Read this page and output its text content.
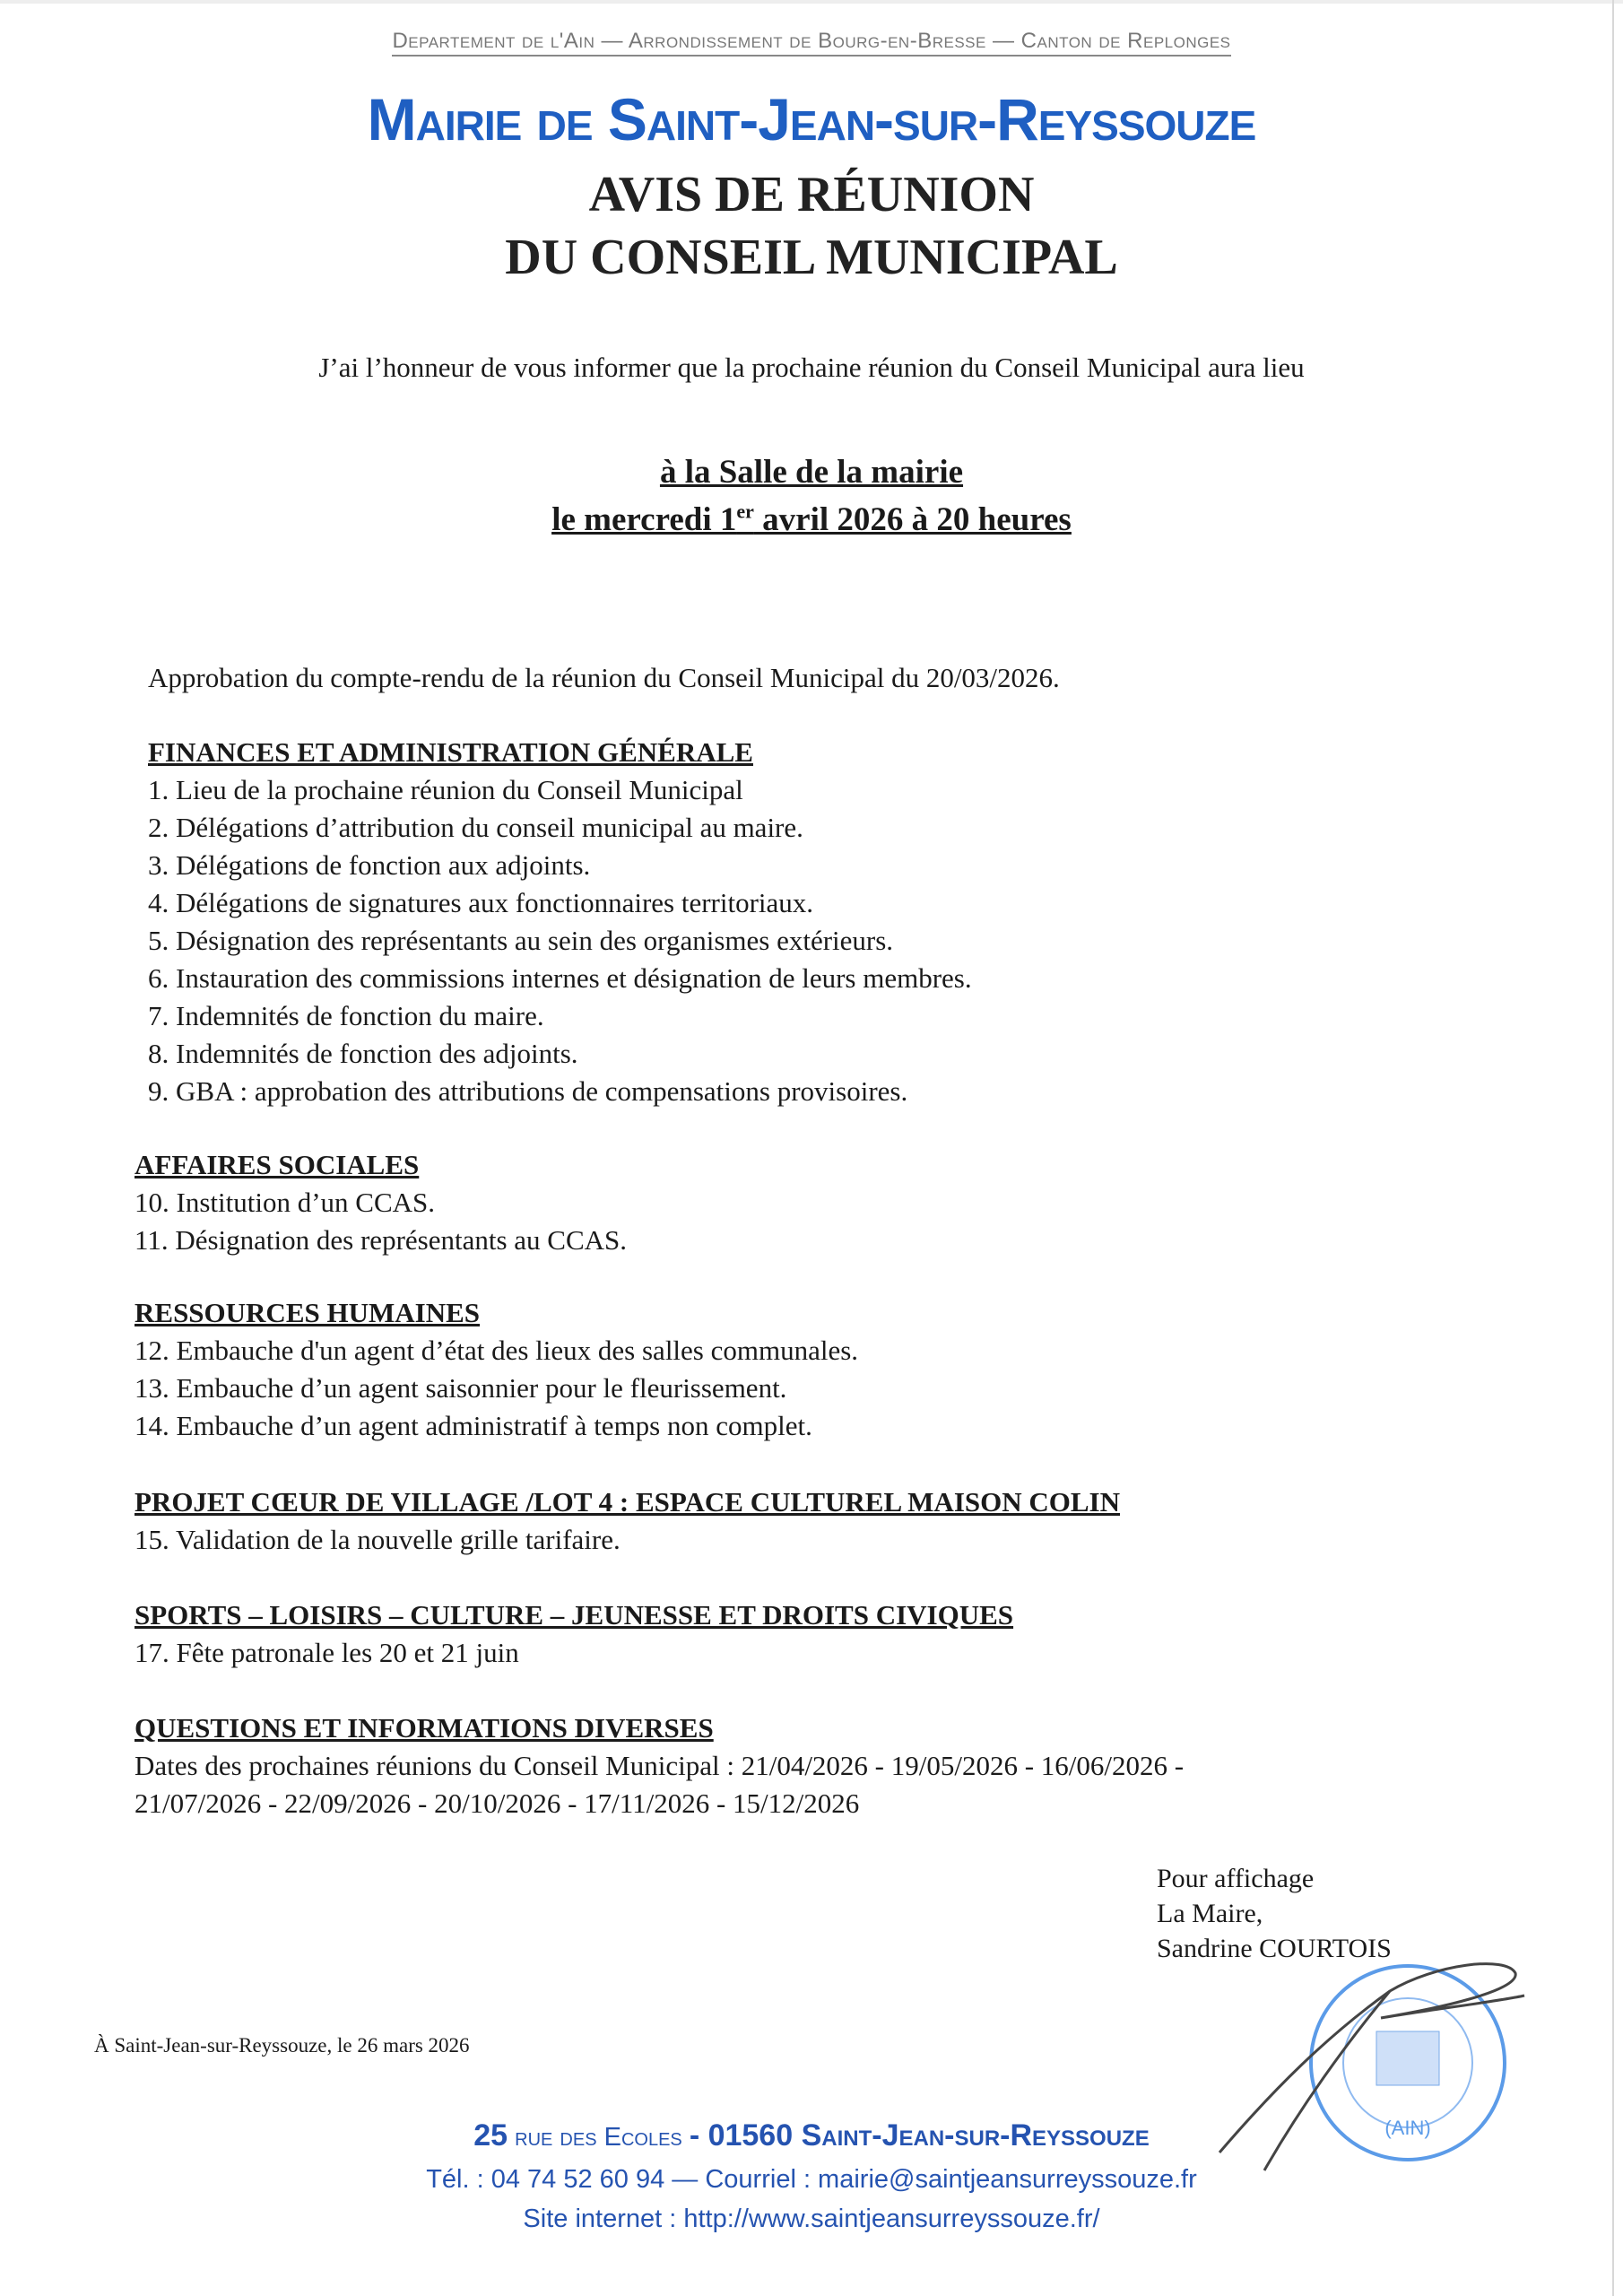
Departement de l'Ain — Arrondissement de Bourg-en-Bresse — Canton de Replonges
Mairie de Saint-Jean-sur-Reyssouze
AVIS DE RÉUNION
DU CONSEIL MUNICIPAL
J’ai l’honneur de vous informer que la prochaine réunion du Conseil Municipal aura lieu
à la Salle de la mairie
le mercredi 1er avril 2026 à 20 heures
Approbation du compte-rendu de la réunion du Conseil Municipal du 20/03/2026.
FINANCES ET ADMINISTRATION GÉNÉRALE
1. Lieu de la prochaine réunion du Conseil Municipal
2. Délégations d’attribution du conseil municipal au maire.
3. Délégations de fonction aux adjoints.
4. Délégations de signatures aux fonctionnaires territoriaux.
5. Désignation des représentants au sein des organismes extérieurs.
6. Instauration des commissions internes et désignation de leurs membres.
7. Indemnités de fonction du maire.
8. Indemnités de fonction des adjoints.
9. GBA : approbation des attributions de compensations provisoires.
AFFAIRES SOCIALES
10. Institution d’un CCAS.
11. Désignation des représentants au CCAS.
RESSOURCES HUMAINES
12. Embauche d'un agent d’état des lieux des salles communales.
13. Embauche d’un agent saisonnier pour le fleurissement.
14. Embauche d’un agent administratif à temps non complet.
PROJET CŒUR DE VILLAGE /LOT 4 : ESPACE CULTUREL MAISON COLIN
15. Validation de la nouvelle grille tarifaire.
SPORTS – LOISIRS – CULTURE – JEUNESSE ET DROITS CIVIQUES
17. Fête patronale les 20 et 21 juin
QUESTIONS ET INFORMATIONS DIVERSES
Dates des prochaines réunions du Conseil Municipal : 21/04/2026 - 19/05/2026 - 16/06/2026 -
21/07/2026 - 22/09/2026 - 20/10/2026 - 17/11/2026 - 15/12/2026
Pour affichage
La Maire,
Sandrine COURTOIS
(AIN)
À Saint-Jean-sur-Reyssouze, le 26 mars 2026
25 rue des Ecoles - 01560 Saint-Jean-sur-Reyssouze
Tél. : 04 74 52 60 94 — Courriel : mairie@saintjeansurreyssouze.fr
Site internet : http://www.saintjeansurreyssouze.fr/
